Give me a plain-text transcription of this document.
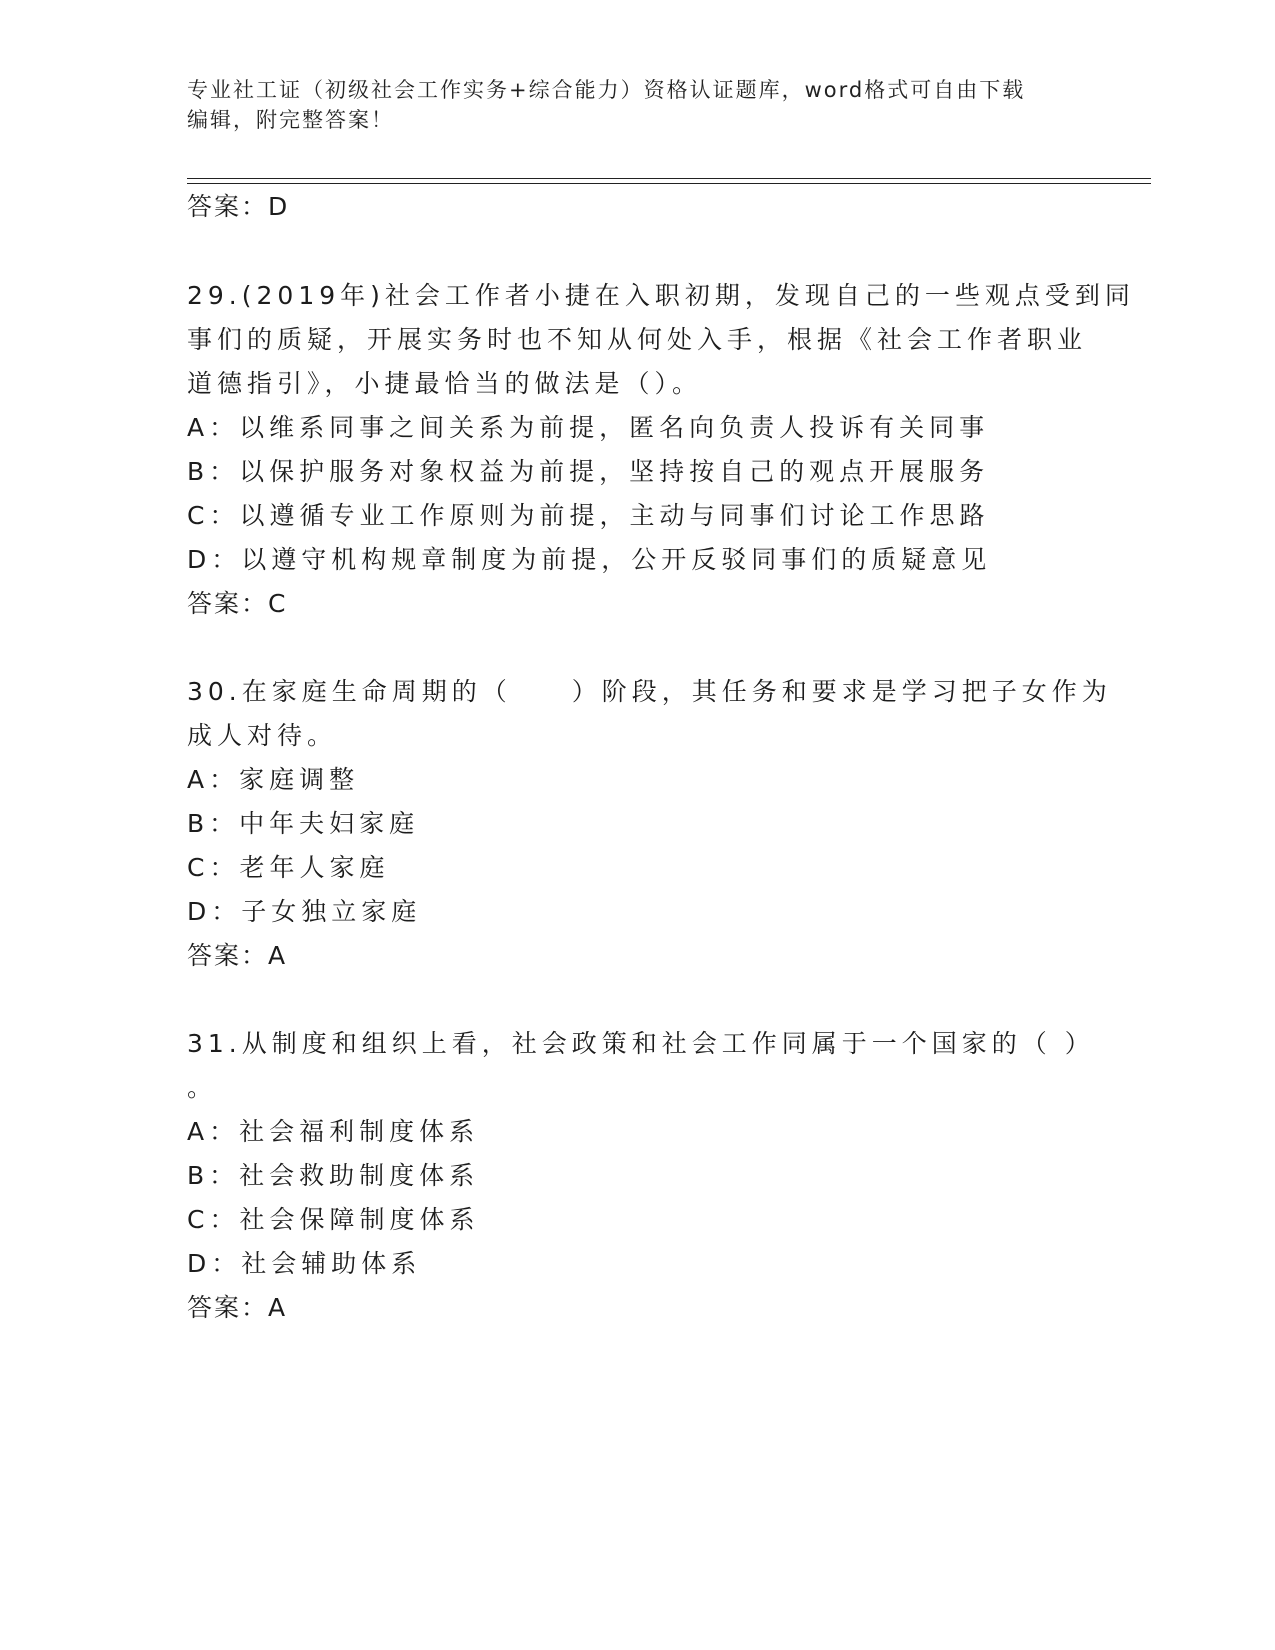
专业社工证（初级社会工作实务+综合能力）资格认证题库，word格式可自由下载
编辑，附完整答案！
答案：D
29.(2019年)社会工作者小捷在入职初期，发现自己的一些观点受到同
事们的质疑，开展实务时也不知从何处入手，根据《社会工作者职业
道德指引》，小捷最恰当的做法是（）。
A：以维系同事之间关系为前提，匿名向负责人投诉有关同事
B：以保护服务对象权益为前提，坚持按自己的观点开展服务
C：以遵循专业工作原则为前提，主动与同事们讨论工作思路
D：以遵守机构规章制度为前提，公开反驳同事们的质疑意见
答案：C
30.在家庭生命周期的（　　）阶段，其任务和要求是学习把子女作为
成人对待。
A：家庭调整
B：中年夫妇家庭
C：老年人家庭
D：子女独立家庭
答案：A
31.从制度和组织上看，社会政策和社会工作同属于一个国家的（ ）
。
A：社会福利制度体系
B：社会救助制度体系
C：社会保障制度体系
D：社会辅助体系
答案：A
